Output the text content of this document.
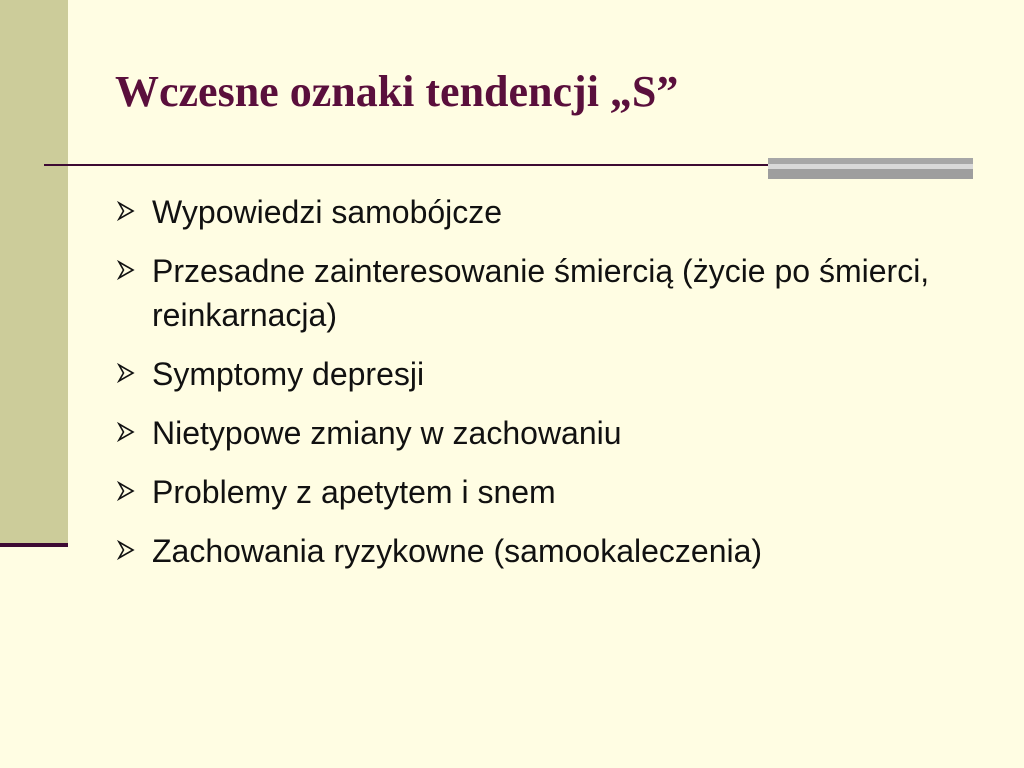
Wczesne oznaki tendencji „S”
Wypowiedzi samobójcze
Przesadne zainteresowanie śmiercią (życie po śmierci, reinkarnacja)
Symptomy depresji
Nietypowe zmiany w zachowaniu
Problemy z apetytem i snem
Zachowania ryzykowne (samookaleczenia)
